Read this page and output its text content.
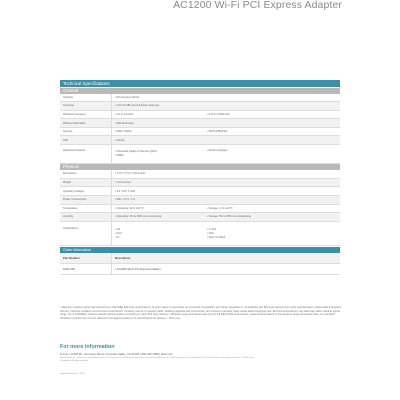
AC1200 Wi-Fi PCI Express Adapter
Technical Specifications
General
Interface	• PCI Express (PCIe)
Antennas	• Two 4.5 dBi external dipole antennas
Wireless Frequency	• 2.4 to 2.5 GHz	• 5.15 to 5.825 GHz
Wireless Standards	• 802.11ac/n/g/a
Security	• WPA / WPA2	• WPS (PBC/PIN)
LED	• Activity
Advanced Features	• Advanced Quality of Service (QoS)
• WMM
• RoHS compliant
Physical
Dimensions	• 4.76 x 5.73 x 0.84 inches
Weight	• 1.15 ounces
Operating Voltage	• 3.3 V DC ± 10%
Power Consumption	• Max. 3.3 V / 1 A
Temperature	• Operating: 32 to 104 °F	• Storage: -4 to 149 °F
Humidity	• Operating: 0% to 90% non-condensing	• Storage: 5% to 95% non-condensing
Certifications	• CE
• FCC
• IC
• C-Tick
• NCC
• Wi-Fi Certified
Order Information
Part Number	Description
DWA-582	• AC1200 Wi-Fi PCI Express Adapter
¹ Maximum wireless signal rate derived from draft IEEE 802.11ac specifications. D-Link makes no warranties as to forward compatibility with future standards or compatibility with 802.11ac devices from other manufacturers. Actual data throughput will vary. Network conditions and environmental factors, including volume of network traffic, building materials and construction, and network overhead, lower actual data throughput rate. Environmental factors may adversely affect wireless signal range. Up to 1200Mbps wireless speeds achieved when connecting to other 802.11ac devices. ² Wireless range and speed rates are D-Link RELATIVE performance measurements based on the wireless range and speed rates of a standard Wireless N product from D-Link. Maximum throughput based on D-Link Wireless AC devices. ³ PCIe only.
For more information
D-Link | 17595 Mt. Herrmann Street | Fountain Valley, CA 92708 | 800.326.1688 | dlink.com
Specifications are subject to change without notice. D-Link and the D-Link logo are trademarks or registered trademarks of D-Link Corporation or its subsidiaries in the United States and/or other countries. © 2014 D-Link Corporation. All rights reserved.
Updated November 7, 2014
